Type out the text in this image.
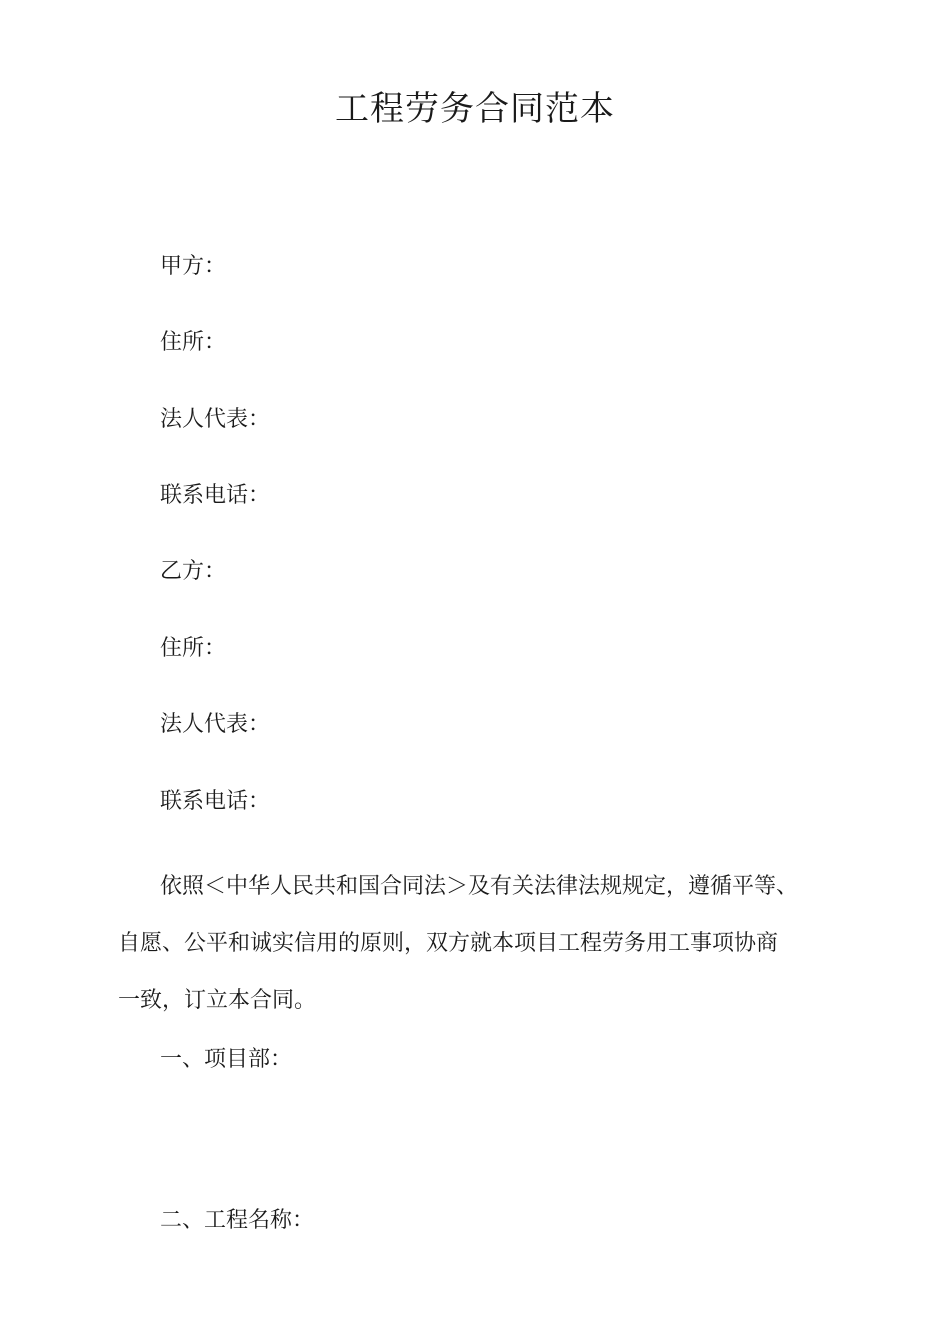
工程劳务合同范本
甲方：
住所：
法人代表：
联系电话：
乙方：
住所：
法人代表：
联系电话：
依照＜中华人民共和国合同法＞及有关法律法规规定，遵循平等、
自愿、公平和诚实信用的原则，双方就本项目工程劳务用工事项协商
一致，订立本合同。
一、项目部：
二、工程名称：
